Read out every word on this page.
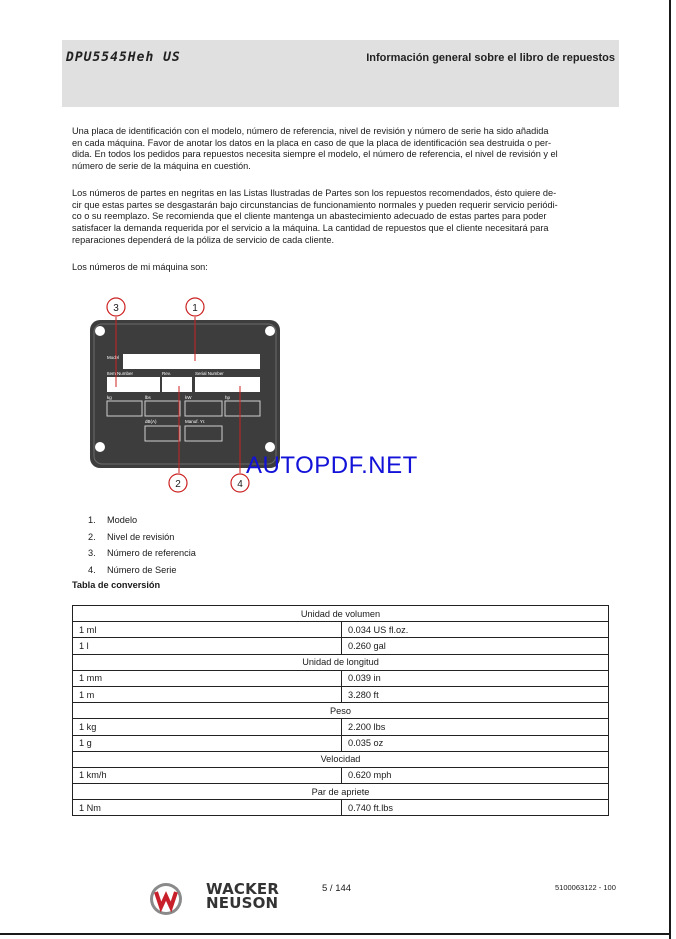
DPU5545Heh US	Información general sobre el libro de repuestos

Una placa de identificación con el modelo, número de referencia, nivel de revisión y número de serie ha sido añadida
en cada máquina. Favor de anotar los datos en la placa en caso de que la placa de identificación sea destruida o per-
dida. En todos los pedidos para repuestos necesita siempre el modelo, el número de referencia, el nivel de revisión y el
número de serie de la máquina en cuestión.

Los números de partes en negritas en las Listas Ilustradas de Partes son los repuestos recomendados, ésto quiere de-
cir que estas partes se desgastarán bajo circunstancias de funcionamiento normales y pueden requerir servicio periódi-
co o su reemplazo. Se recomienda que el cliente mantenga un abastecimiento adecuado de estas partes para poder
satisfacer la demanda requerida por el servicio a la máquina. La cantidad de repuestos que el cliente necesitará para
reparaciones dependerá de la póliza de servicio de cada cliente.

Los números de mi máquina son:

Model
Item Number	Rev.	Serial Number
kg	lbs	kW	hp
dB(A)	Manuf. Yr.
1
3
2	4
AUTOPDF.NET
1. Modelo
2. Nivel de revisión
3. Número de referencia
4. Número de Serie
Tabla de conversión
Unidad de volumen	
1 ml	0.034 US fl.oz.
1 l	0.260 gal
Unidad de longitud	
1 mm	0.039 in
1 m	3.280 ft
Peso	
1 kg	2.200 lbs
1 g	0.035 oz
Velocidad	
1 km/h	0.620 mph
Par de apriete	
1 Nm	0.740 ft.lbs
WACKER
NEUSON
5 / 144	5100063122 - 100
